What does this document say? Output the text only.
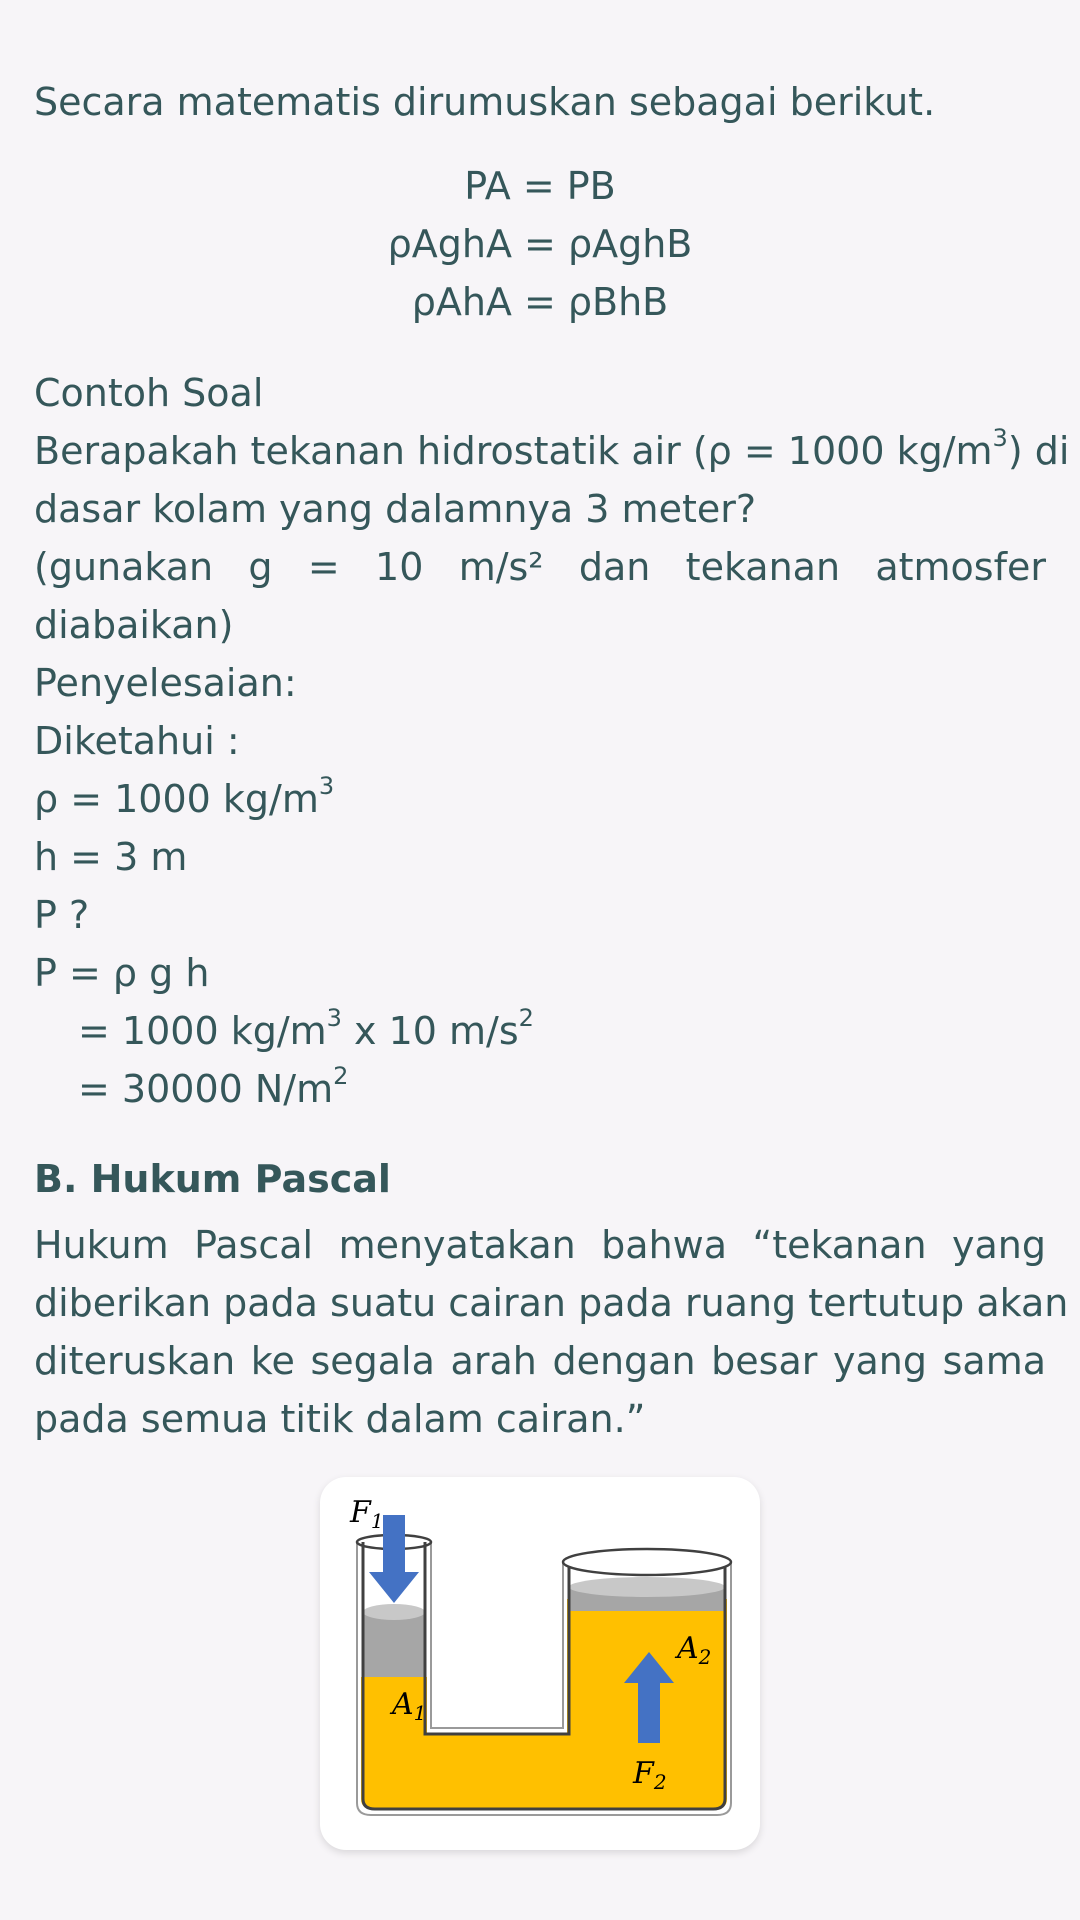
Secara matematis dirumuskan sebagai berikut.
PA = PB
ρAghA = ρAghB
ρAhA = ρBhB
Contoh Soal
Berapakah tekanan hidrostatik air (ρ = 1000 $kg/m^3$) di
dasar kolam yang dalamnya 3 meter?
(gunakan g = 10 m/s² dan tekanan atmosfer
diabaikan)
Penyelesaian:
Diketahui :
ρ = 1000 $kg/m^3$
h = 3 m
P ?
P = ρ g h
= 1000 $kg/m^3$ x 10 $m/s^2$
= 30000 $N/m^2$
B. Hukum Pascal
Hukum Pascal menyatakan bahwa “tekanan yang
diberikan pada suatu cairan pada ruang tertutup akan
diteruskan ke segala arah dengan besar yang sama
pada semua titik dalam cairan.”
$F_1$
$A_1$
$A_2$
$F_2$
